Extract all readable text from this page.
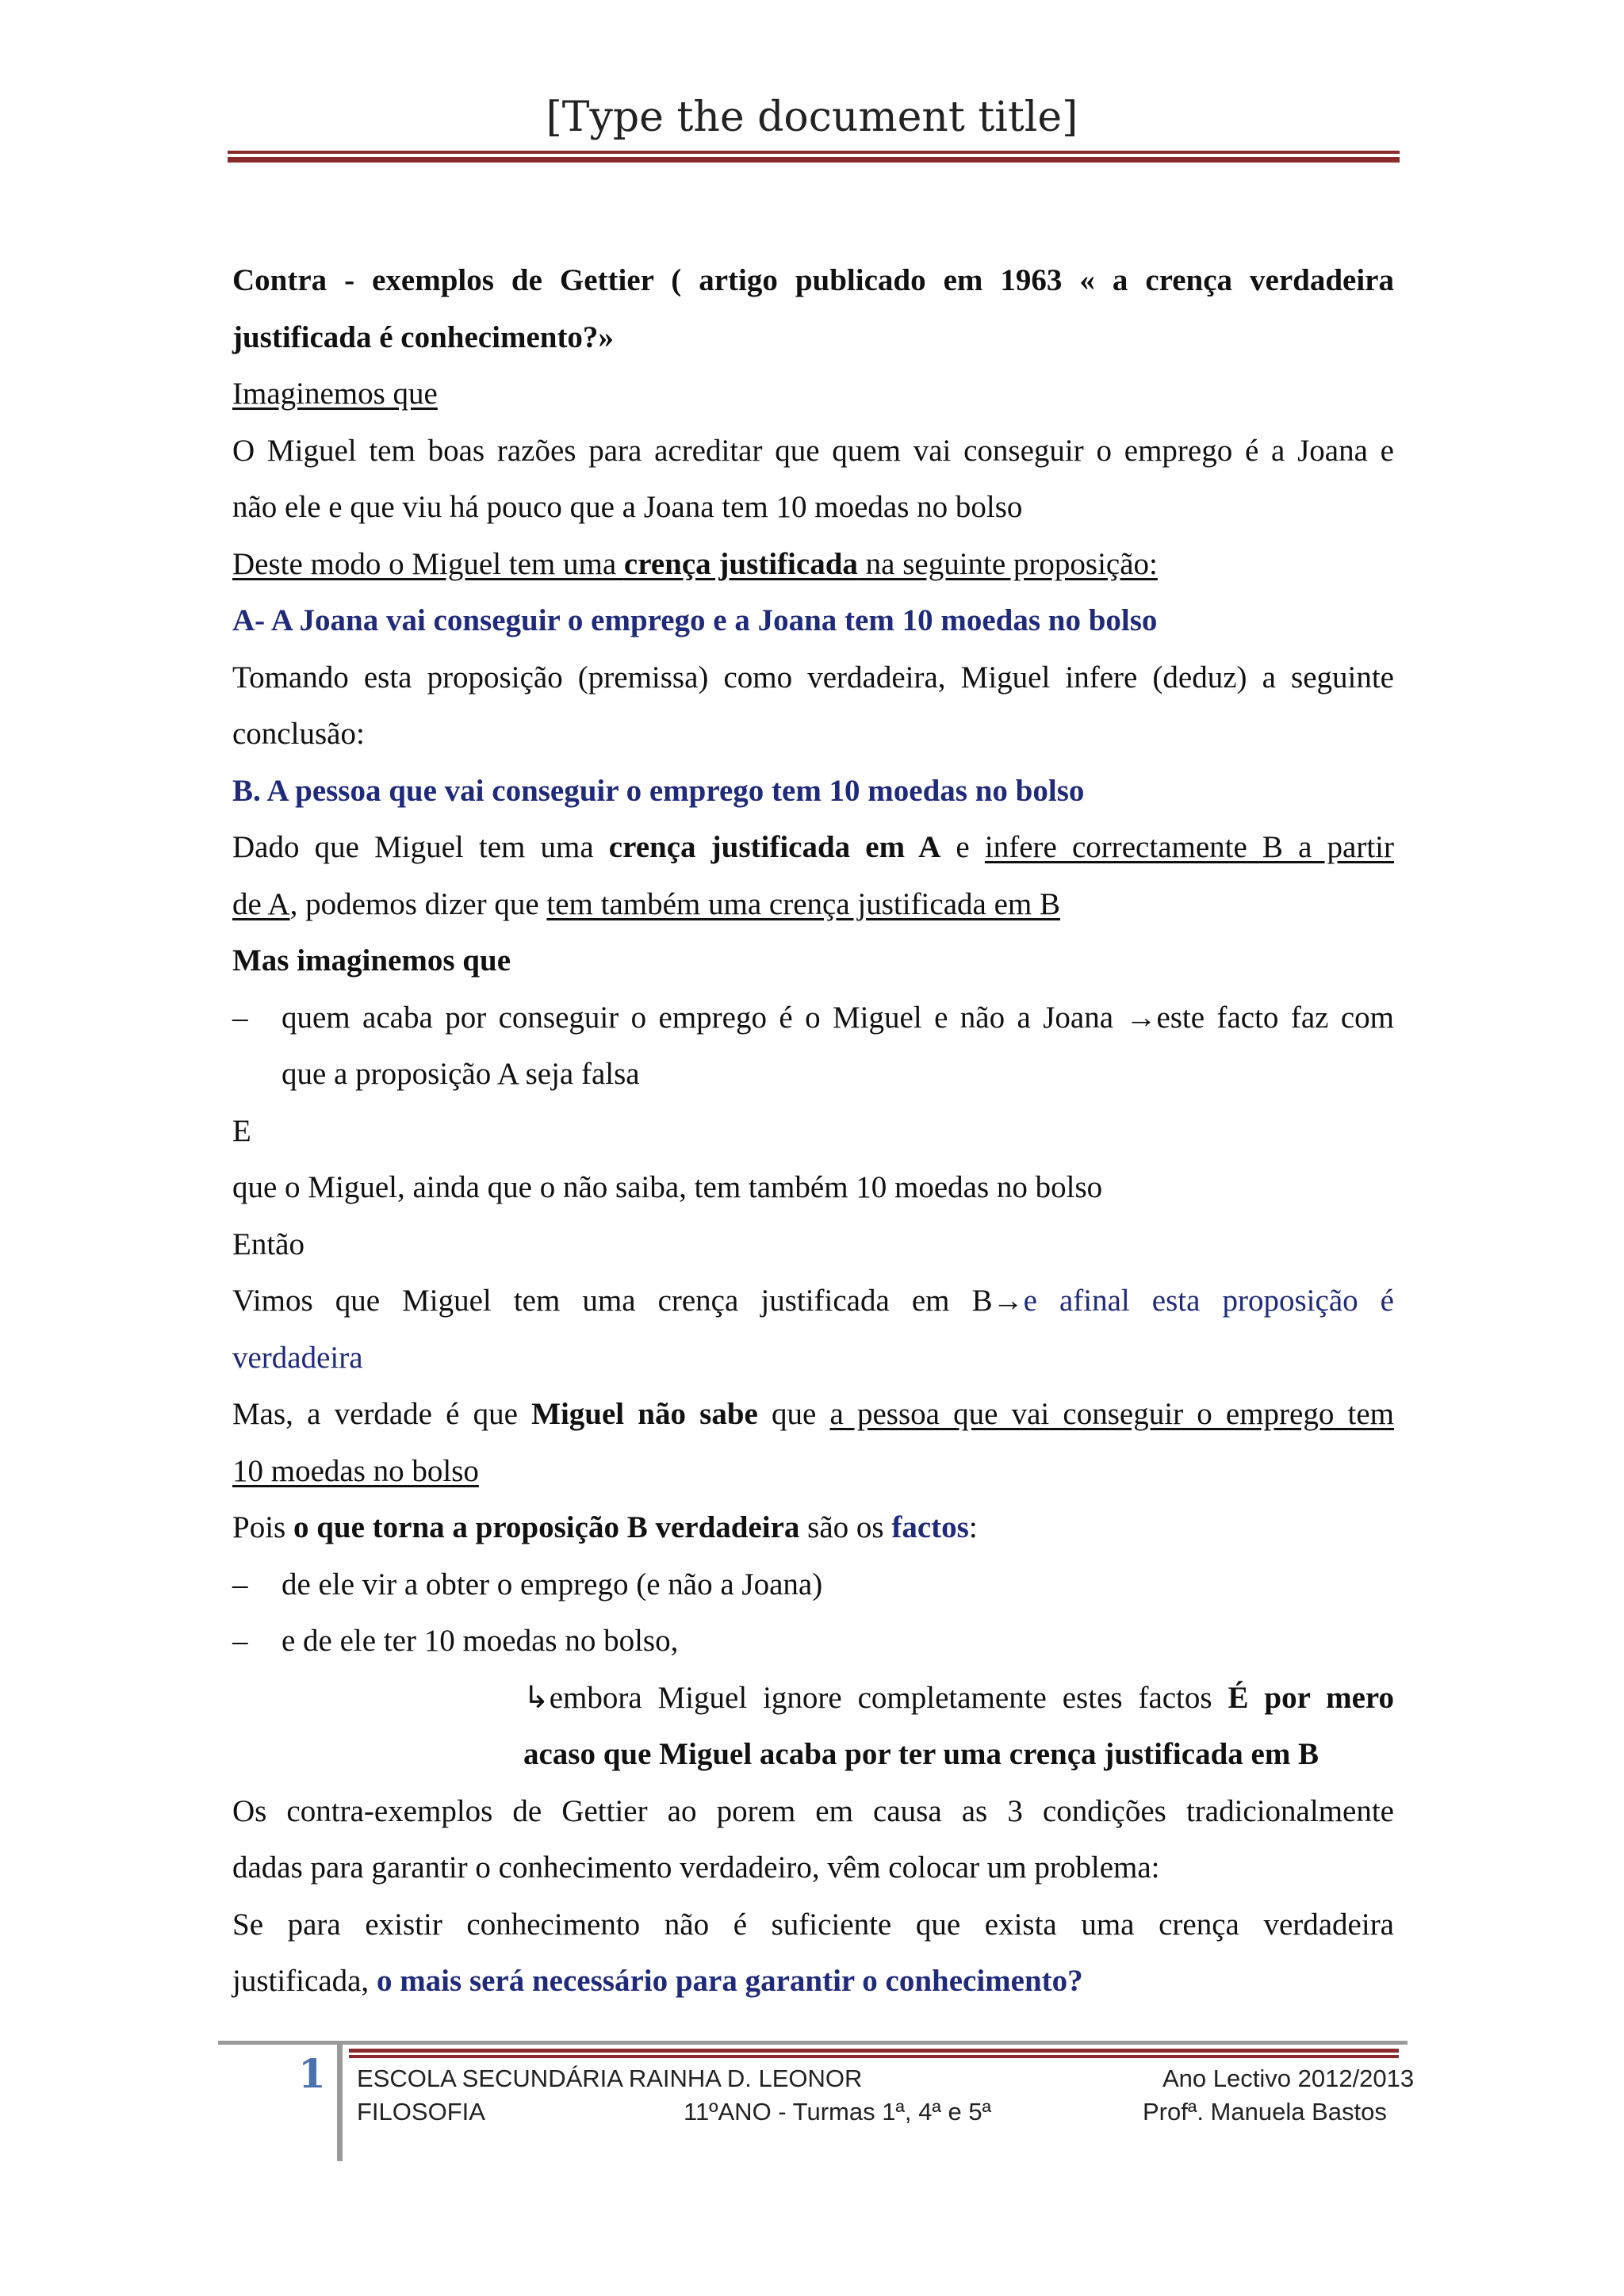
[Type the document title]
Contra - exemplos de Gettier ( artigo publicado em 1963 « a crença verdadeira
justificada é conhecimento?»
Imaginemos que
O Miguel tem boas razões para acreditar que quem vai conseguir o emprego é a Joana e
não ele e que viu há pouco que a Joana tem 10 moedas no bolso
Deste modo o Miguel tem uma crença justificada na seguinte proposição:
A- A Joana vai conseguir o emprego e a Joana tem 10 moedas no bolso
Tomando esta proposição (premissa) como verdadeira, Miguel infere (deduz) a seguinte
conclusão:
B. A pessoa que vai conseguir o emprego tem 10 moedas no bolso
Dado que Miguel tem uma crença justificada em A e infere correctamente B a partir
de A, podemos dizer que tem também uma crença justificada em B
Mas imaginemos que
– quem acaba por conseguir o emprego é o Miguel e não a Joana →este facto faz com
que a proposição A seja falsa
E
que o Miguel, ainda que o não saiba, tem também 10 moedas no bolso
Então
Vimos que Miguel tem uma crença justificada em B→e afinal esta proposição é
verdadeira
Mas, a verdade é que Miguel não sabe que a pessoa que vai conseguir o emprego tem
10 moedas no bolso
Pois o que torna a proposição B verdadeira são os factos:
– de ele vir a obter o emprego (e não a Joana)
– e de ele ter 10 moedas no bolso,
↳embora Miguel ignore completamente estes factos É por mero
acaso que Miguel acaba por ter uma crença justificada em B
Os contra-exemplos de Gettier ao porem em causa as 3 condições tradicionalmente
dadas para garantir o conhecimento verdadeiro, vêm colocar um problema:
Se para existir conhecimento não é suficiente que exista uma crença verdadeira
justificada, o mais será necessário para garantir o conhecimento?
1 ESCOLA SECUNDÁRIA RAINHA D. LEONOR
FILOSOFIA	11ºANO - Turmas 1ª, 4ª e 5ª
Ano Lectivo 2012/2013
Profª. Manuela Bastos
